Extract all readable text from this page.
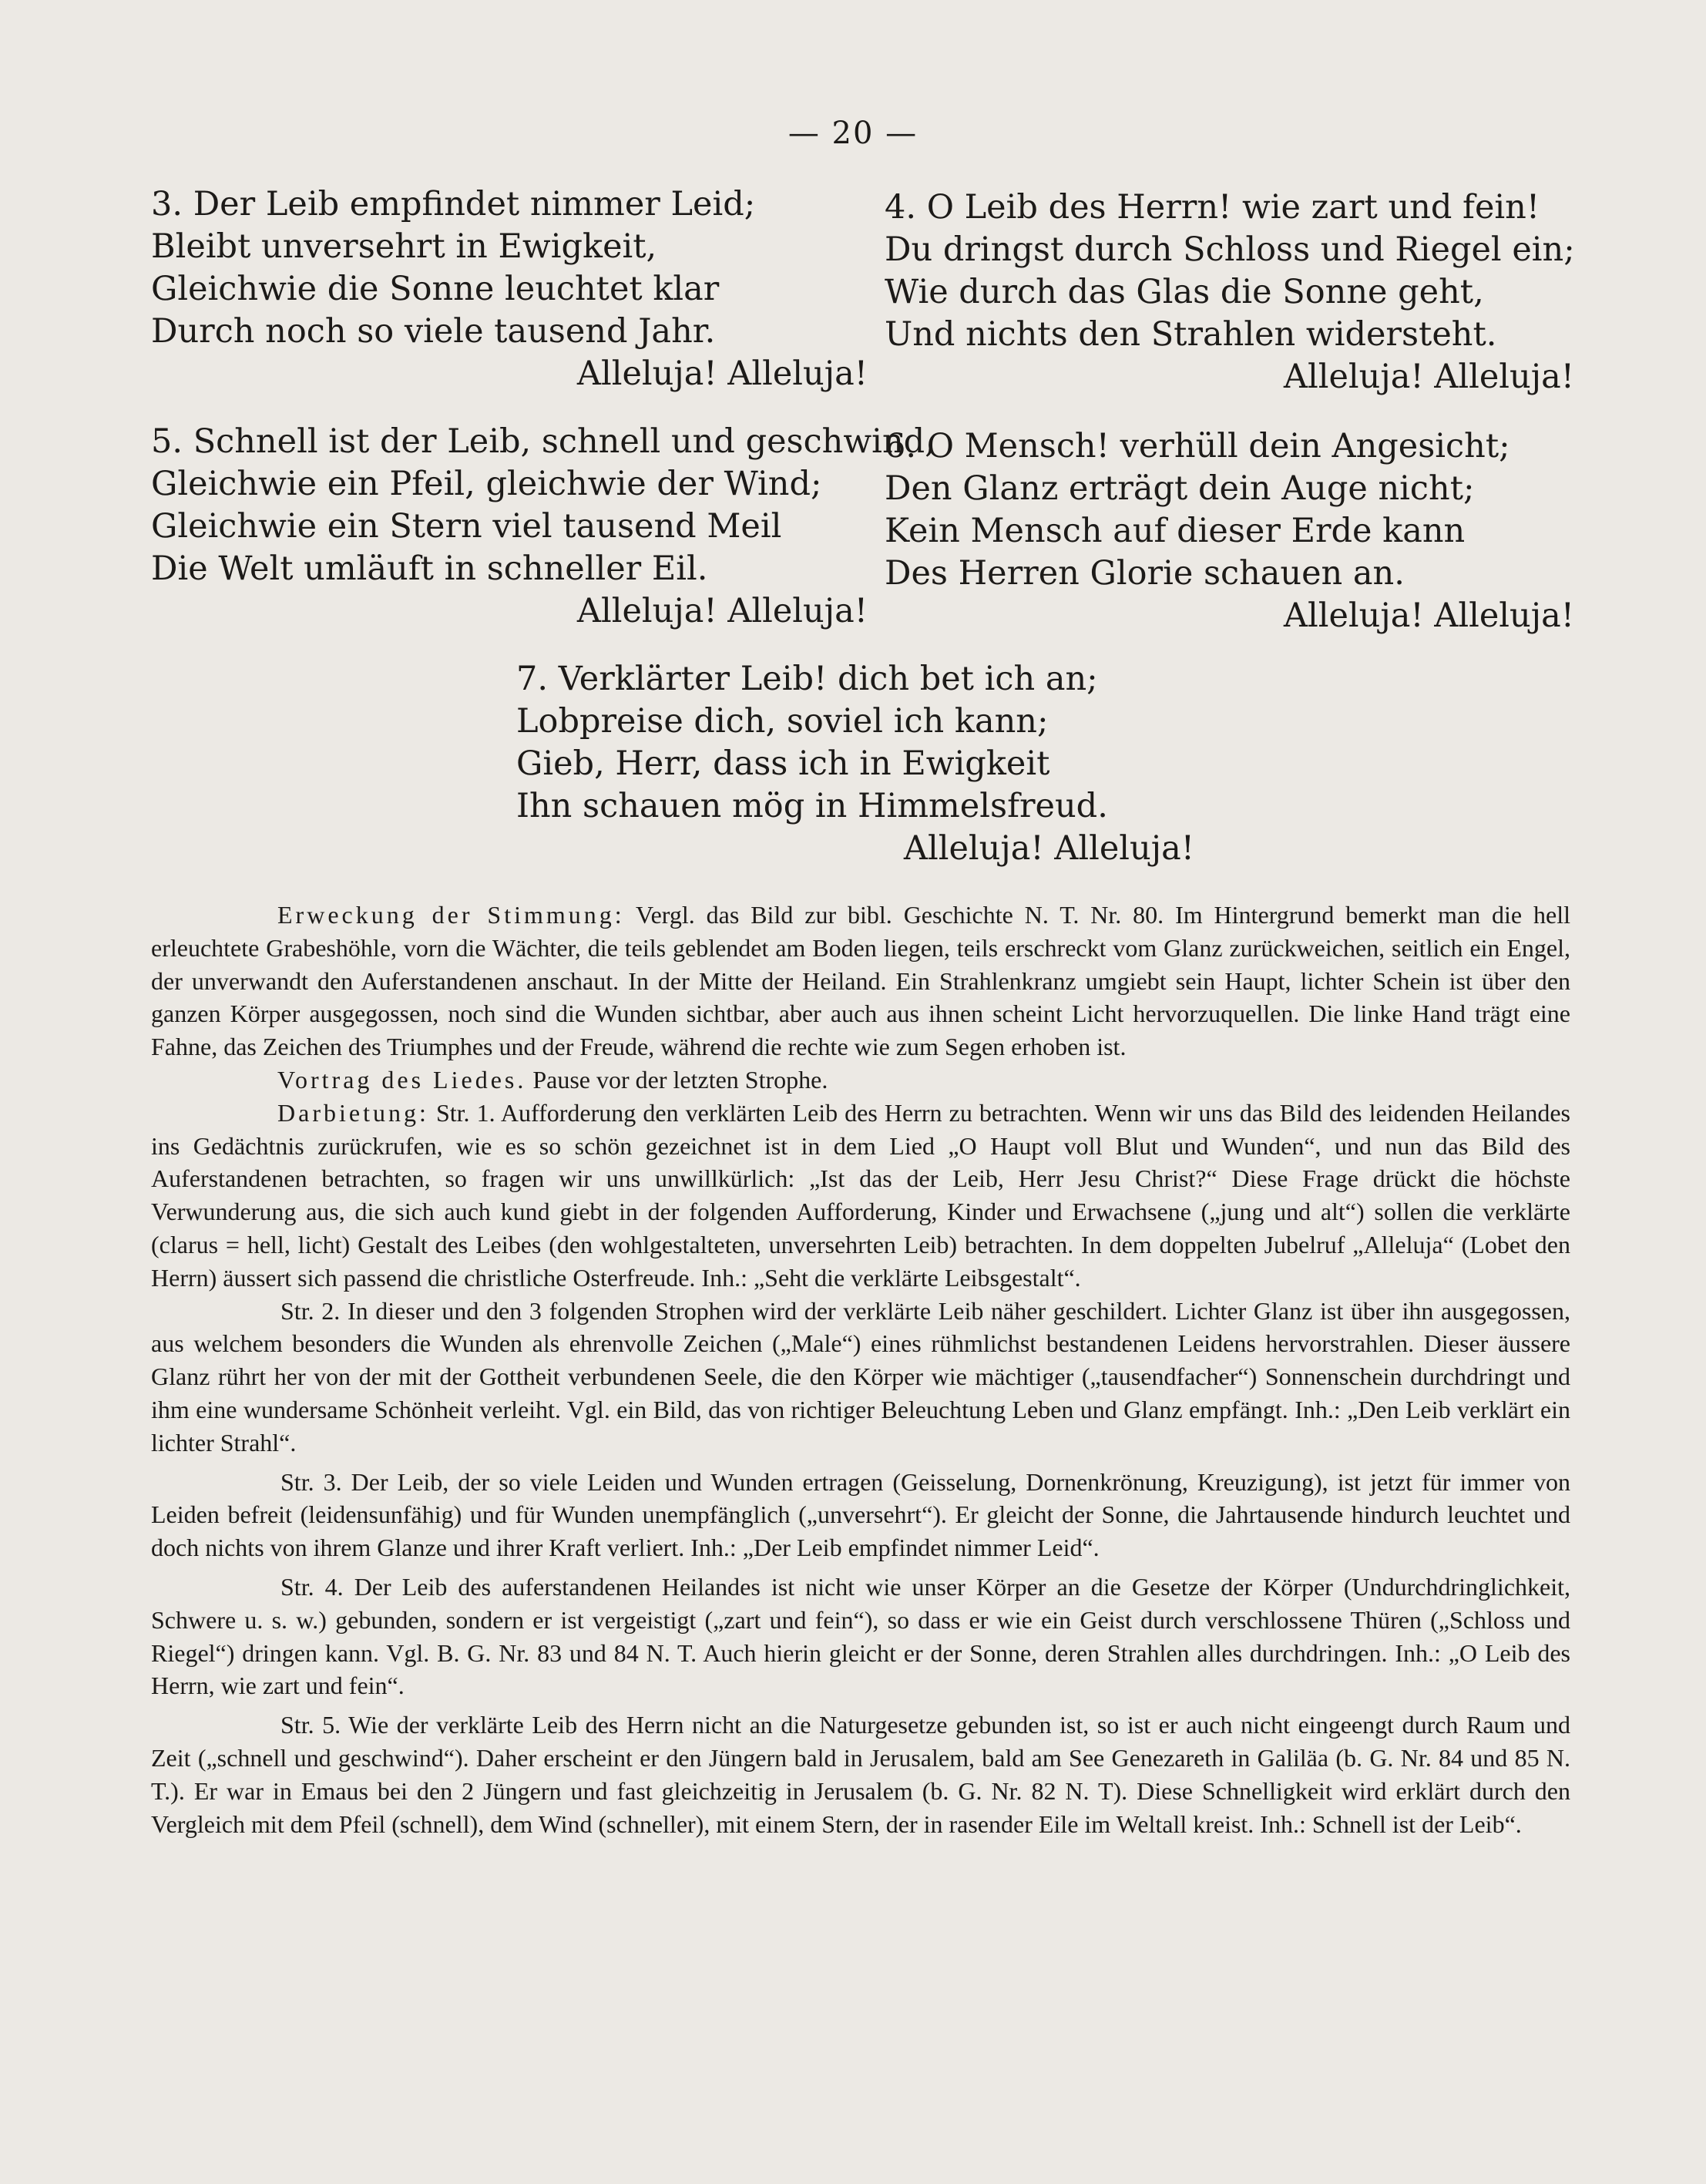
— 20 —
3. Der Leib empfindet nimmer Leid;
Bleibt unversehrt in Ewigkeit,
Gleichwie die Sonne leuchtet klar
Durch noch so viele tausend Jahr.
Alleluja! Alleluja!
4. O Leib des Herrn! wie zart und fein!
Du dringst durch Schloss und Riegel ein;
Wie durch das Glas die Sonne geht,
Und nichts den Strahlen widersteht.
Alleluja! Alleluja!
5. Schnell ist der Leib, schnell und geschwind,
Gleichwie ein Pfeil, gleichwie der Wind;
Gleichwie ein Stern viel tausend Meil
Die Welt umläuft in schneller Eil.
Alleluja! Alleluja!
6. O Mensch! verhüll dein Angesicht;
Den Glanz erträgt dein Auge nicht;
Kein Mensch auf dieser Erde kann
Des Herren Glorie schauen an.
Alleluja! Alleluja!
7. Verklärter Leib! dich bet ich an;
Lobpreise dich, soviel ich kann;
Gieb, Herr, dass ich in Ewigkeit
Ihn schauen mög in Himmelsfreud.
Alleluja! Alleluja!

Erweckung der Stimmung: Vergl. das Bild zur bibl. Geschichte N. T. Nr. 80. Im Hintergrund bemerkt man die hell erleuchtete Grabeshöhle, vorn die Wächter, die teils geblendet am Boden liegen, teils erschreckt vom Glanz zurückweichen, seitlich ein Engel, der unverwandt den Auferstandenen anschaut. In der Mitte der Heiland. Ein Strahlenkranz umgiebt sein Haupt, lichter Schein ist über den ganzen Körper ausgegossen, noch sind die Wunden sichtbar, aber auch aus ihnen scheint Licht hervorzuquellen. Die linke Hand trägt eine Fahne, das Zeichen des Triumphes und der Freude, während die rechte wie zum Segen erhoben ist.

Vortrag des Liedes. Pause vor der letzten Strophe.

Darbietung: Str. 1. Aufforderung den verklärten Leib des Herrn zu betrachten. Wenn wir uns das Bild des leidenden Heilandes ins Gedächtnis zurückrufen, wie es so schön gezeichnet ist in dem Lied „O Haupt voll Blut und Wunden“, und nun das Bild des Auferstandenen betrachten, so fragen wir uns unwillkürlich: „Ist das der Leib, Herr Jesu Christ?“ Diese Frage drückt die höchste Verwunderung aus, die sich auch kund giebt in der folgenden Aufforderung, Kinder und Erwachsene („jung und alt“) sollen die verklärte (clarus = hell, licht) Gestalt des Leibes (den wohlgestalteten, unversehrten Leib) betrachten. In dem doppelten Jubelruf „Alleluja“ (Lobet den Herrn) äussert sich passend die christliche Osterfreude. Inh.: „Seht die verklärte Leibsgestalt“.

Str. 2. In dieser und den 3 folgenden Strophen wird der verklärte Leib näher geschildert. Lichter Glanz ist über ihn ausgegossen, aus welchem besonders die Wunden als ehrenvolle Zeichen („Male“) eines rühmlichst bestandenen Leidens hervorstrahlen. Dieser äussere Glanz rührt her von der mit der Gottheit verbundenen Seele, die den Körper wie mächtiger („tausendfacher“) Sonnenschein durchdringt und ihm eine wundersame Schönheit verleiht. Vgl. ein Bild, das von richtiger Beleuchtung Leben und Glanz empfängt. Inh.: „Den Leib verklärt ein lichter Strahl“.

Str. 3. Der Leib, der so viele Leiden und Wunden ertragen (Geisselung, Dornenkrönung, Kreuzigung), ist jetzt für immer von Leiden befreit (leidensunfähig) und für Wunden unempfänglich („unversehrt“). Er gleicht der Sonne, die Jahrtausende hindurch leuchtet und doch nichts von ihrem Glanze und ihrer Kraft verliert. Inh.: „Der Leib empfindet nimmer Leid“.

Str. 4. Der Leib des auferstandenen Heilandes ist nicht wie unser Körper an die Gesetze der Körper (Undurchdringlichkeit, Schwere u. s. w.) gebunden, sondern er ist vergeistigt („zart und fein“), so dass er wie ein Geist durch verschlossene Thüren („Schloss und Riegel“) dringen kann. Vgl. B. G. Nr. 83 und 84 N. T. Auch hierin gleicht er der Sonne, deren Strahlen alles durchdringen. Inh.: „O Leib des Herrn, wie zart und fein“.

Str. 5. Wie der verklärte Leib des Herrn nicht an die Naturgesetze gebunden ist, so ist er auch nicht eingeengt durch Raum und Zeit („schnell und geschwind“). Daher erscheint er den Jüngern bald in Jerusalem, bald am See Genezareth in Galiläa (b. G. Nr. 84 und 85 N. T.). Er war in Emaus bei den 2 Jüngern und fast gleichzeitig in Jerusalem (b. G. Nr. 82 N. T). Diese Schnelligkeit wird erklärt durch den Vergleich mit dem Pfeil (schnell), dem Wind (schneller), mit einem Stern, der in rasender Eile im Weltall kreist. Inh.: Schnell ist der Leib“.
